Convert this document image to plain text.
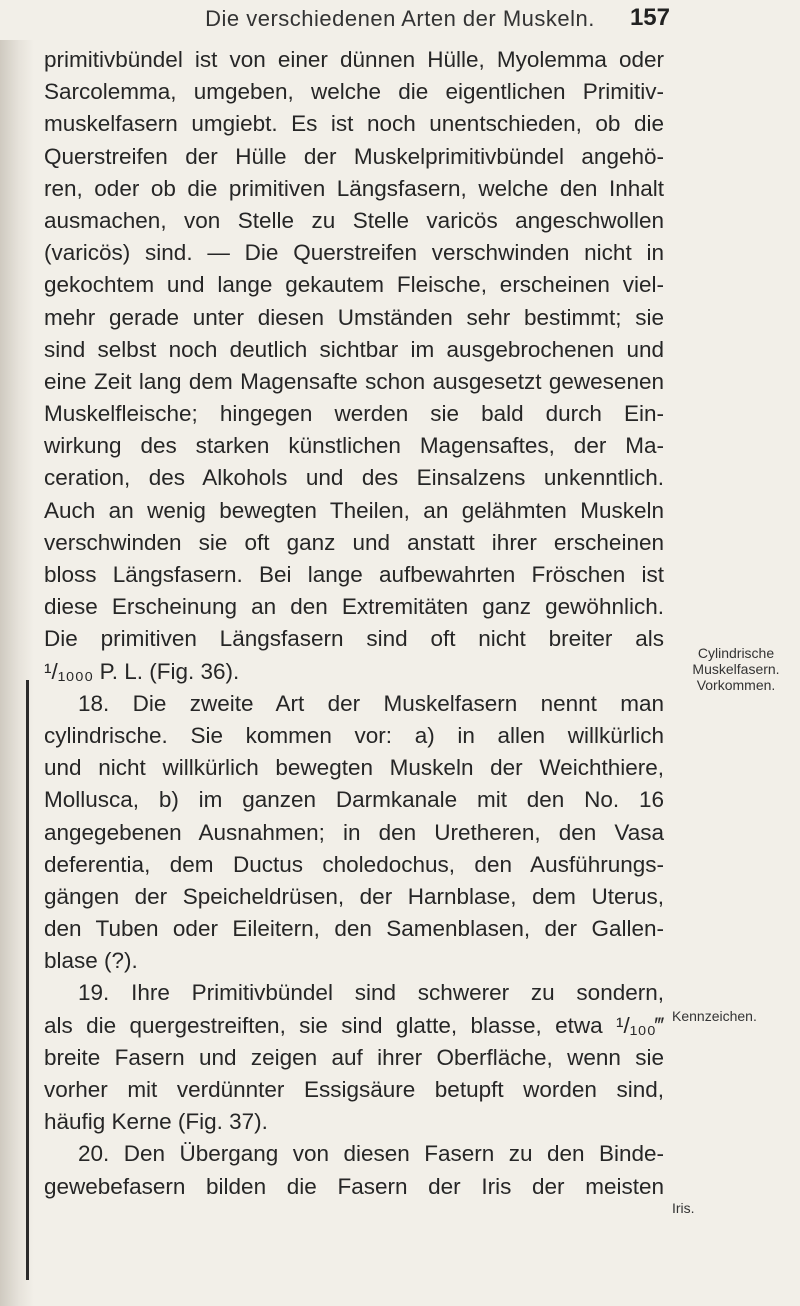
Die verschiedenen Arten der Muskeln.	157
primitivbündel ist von einer dünnen Hülle, Myolemma oder
Sarcolemma, umgeben, welche die eigentlichen Primitiv-
muskelfasern umgiebt. Es ist noch unentschieden, ob die
Querstreifen der Hülle der Muskelprimitivbündel angehö-
ren, oder ob die primitiven Längsfasern, welche den Inhalt
ausmachen, von Stelle zu Stelle varicös angeschwollen
(varicös) sind. — Die Querstreifen verschwinden nicht in
gekochtem und lange gekautem Fleische, erscheinen viel-
mehr gerade unter diesen Umständen sehr bestimmt; sie
sind selbst noch deutlich sichtbar im ausgebrochenen und
eine Zeit lang dem Magensafte schon ausgesetzt gewesenen
Muskelfleische; hingegen werden sie bald durch Ein-
wirkung des starken künstlichen Magensaftes, der Ma-
ceration, des Alkohols und des Einsalzens unkenntlich.
Auch an wenig bewegten Theilen, an gelähmten Muskeln
verschwinden sie oft ganz und anstatt ihrer erscheinen
bloss Längsfasern. Bei lange aufbewahrten Fröschen ist
diese Erscheinung an den Extremitäten ganz gewöhnlich.
Die primitiven Längsfasern sind oft nicht breiter als
¹/₁₀₀₀ P. L. (Fig. 36).
18. Die zweite Art der Muskelfasern nennt man
cylindrische. Sie kommen vor: a) in allen willkürlich
und nicht willkürlich bewegten Muskeln der Weichthiere,
Mollusca, b) im ganzen Darmkanale mit den No. 16
angegebenen Ausnahmen; in den Uretheren, den Vasa
deferentia, dem Ductus choledochus, den Ausführungs-
gängen der Speicheldrüsen, der Harnblase, dem Uterus,
den Tuben oder Eileitern, den Samenblasen, der Gallen-
blase (?).
19. Ihre Primitivbündel sind schwerer zu sondern,
als die quergestreiften, sie sind glatte, blasse, etwa ¹/₁₀₀‴
breite Fasern und zeigen auf ihrer Oberfläche, wenn sie
vorher mit verdünnter Essigsäure betupft worden sind,
häufig Kerne (Fig. 37).
20. Den Übergang von diesen Fasern zu den Binde-
gewebefasern bilden die Fasern der Iris der meisten
Cylindrische
Muskelfasern.
Vorkommen.
Kennzeichen.
Iris.
